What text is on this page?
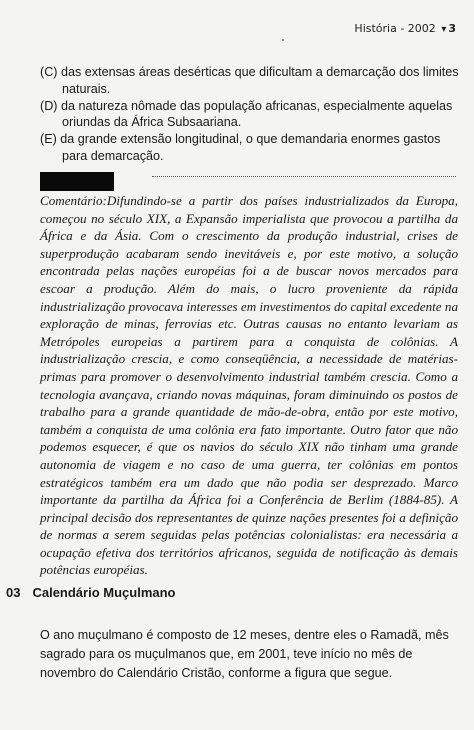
História - 2002 ▾ 3

(C) das extensas áreas desérticas que dificultam a demarcação dos limites naturais.

(D) da natureza nômade das população africanas, especialmente aquelas oriundas da África Subsaariana.

(E) da grande extensão longitudinal, o que demandaria enormes gastos para demarcação.

Comentário:Difundindo-se a partir dos países industrializados da Europa, começou no século XIX, a Expansão imperialista que provocou a partilha da África e da Ásia. Com o crescimento da produção industrial, crises de superprodução acabaram sendo inevitáveis e, por este motivo, a solução encontrada pelas nações européias foi a de buscar novos mercados para escoar a produção. Além do mais, o lucro proveniente da rápida industrialização provocava interesses em investimentos do capital excedente na exploração de minas, ferrovias etc. Outras causas no entanto levariam as Metrópoles europeias a partirem para a conquista de colônias. A industrialização crescia, e como conseqüência, a necessidade de matérias-primas para promover o desenvolvimento industrial também crescia. Como a tecnologia avançava, criando novas máquinas, foram diminuindo os postos de trabalho para a grande quantidade de mão-de-obra, então por este motivo, também a conquista de uma colônia era fato importante. Outro fator que não podemos esquecer, é que os navios do século XIX não tinham uma grande autonomia de viagem e no caso de uma guerra, ter colônias em pontos estratégicos também era um dado que não podia ser desprezado. Marco importante da partilha da África foi a Conferência de Berlim (1884-85). A principal decisão dos representantes de quinze nações presentes foi a definição de normas a serem seguidas pelas potências colonialistas: era necessária a ocupação efetiva dos territórios africanos, seguida de notificação às demais potências européias.

03 Calendário Muçulmano

O ano muçulmano é composto de 12 meses, dentre eles o Ramadã, mês sagrado para os muçulmanos que, em 2001, teve início no mês de novembro do Calendário Cristão, conforme a figura que segue.
